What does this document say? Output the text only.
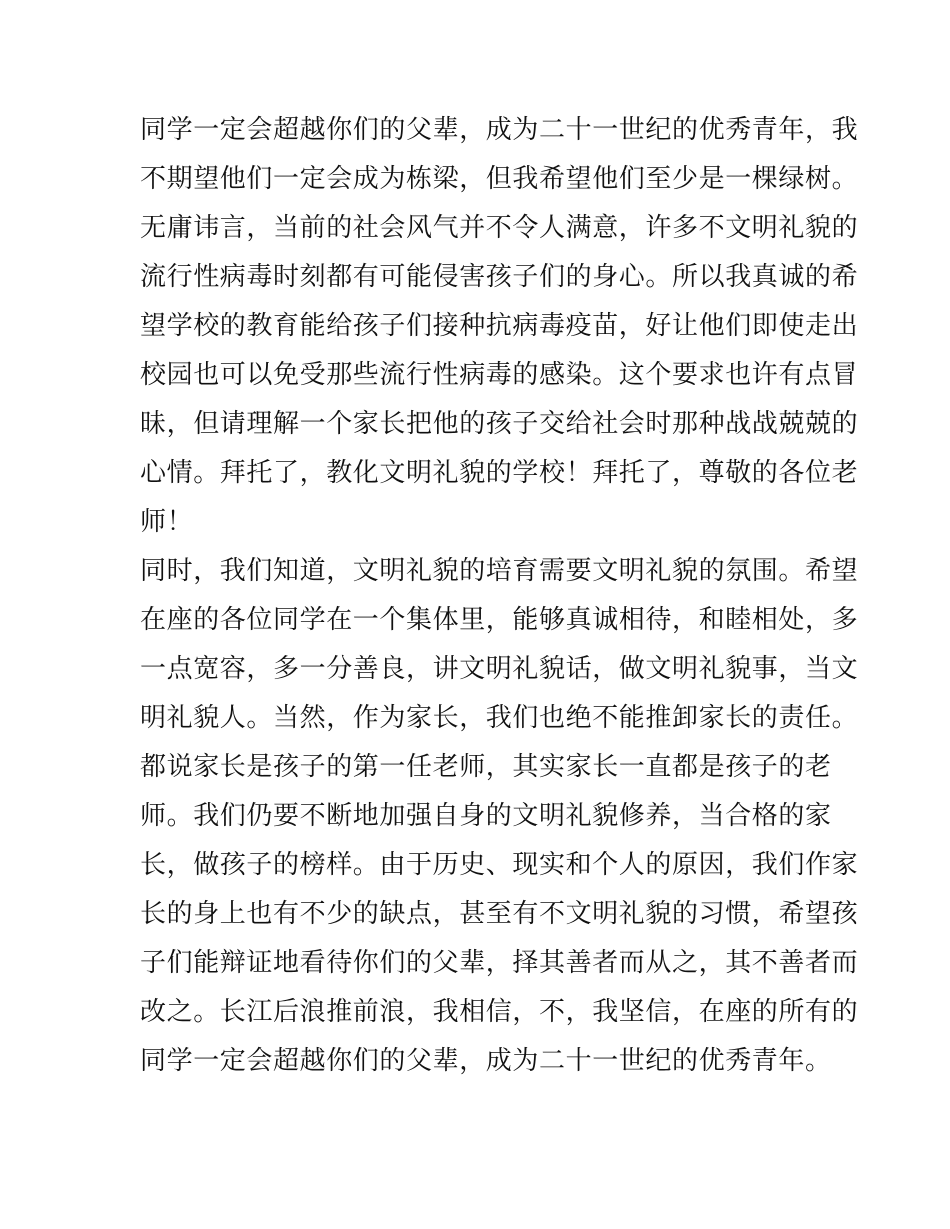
同学一定会超越你们的父辈，成为二十一世纪的优秀青年，我
不期望他们一定会成为栋梁，但我希望他们至少是一棵绿树。
无庸讳言，当前的社会风气并不令人满意，许多不文明礼貌的
流行性病毒时刻都有可能侵害孩子们的身心。所以我真诚的希
望学校的教育能给孩子们接种抗病毒疫苗，好让他们即使走出
校园也可以免受那些流行性病毒的感染。这个要求也许有点冒
昧，但请理解一个家长把他的孩子交给社会时那种战战兢兢的
心情。拜托了，教化文明礼貌的学校！拜托了，尊敬的各位老
师！
同时，我们知道，文明礼貌的培育需要文明礼貌的氛围。希望
在座的各位同学在一个集体里，能够真诚相待，和睦相处，多
一点宽容，多一分善良，讲文明礼貌话，做文明礼貌事，当文
明礼貌人。当然，作为家长，我们也绝不能推卸家长的责任。
都说家长是孩子的第一任老师，其实家长一直都是孩子的老
师。我们仍要不断地加强自身的文明礼貌修养，当合格的家
长，做孩子的榜样。由于历史、现实和个人的原因，我们作家
长的身上也有不少的缺点，甚至有不文明礼貌的习惯，希望孩
子们能辩证地看待你们的父辈，择其善者而从之，其不善者而
改之。长江后浪推前浪，我相信，不，我坚信，在座的所有的
同学一定会超越你们的父辈，成为二十一世纪的优秀青年。
